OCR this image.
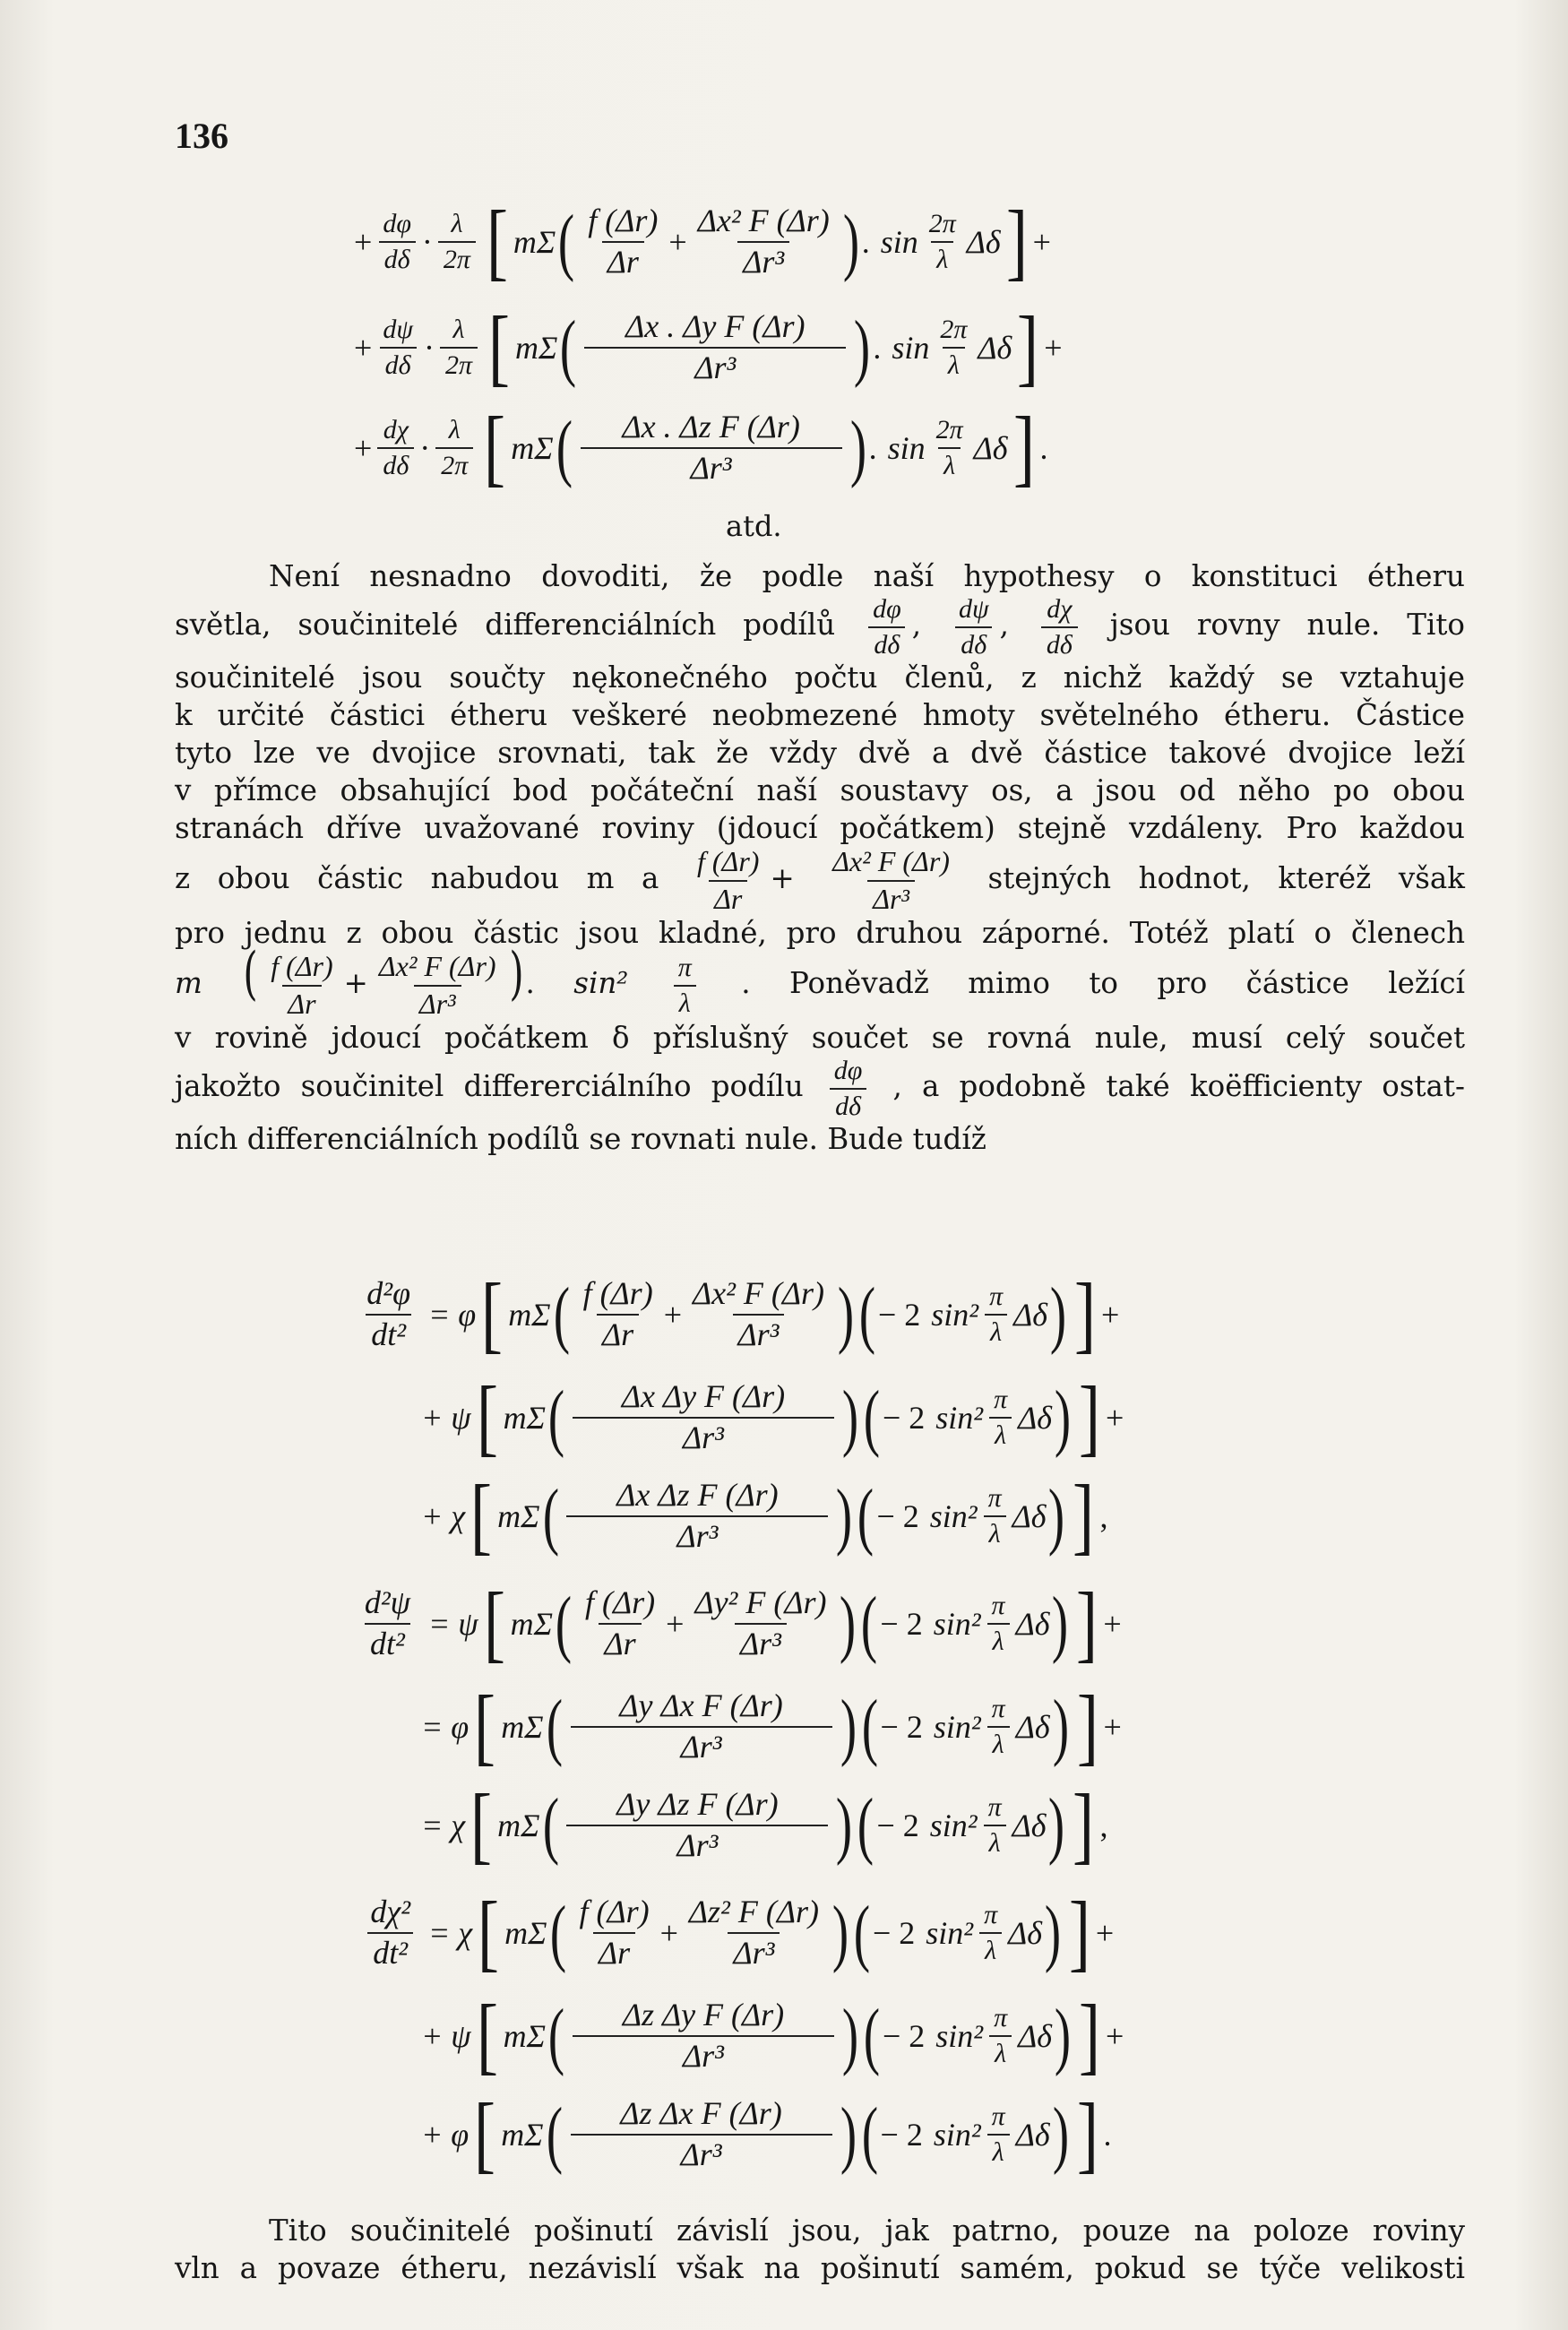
136
+ $\frac{d\varphi}{d\delta} \cdot \frac{\lambda}{2\pi}$ [ mΣ ( $\frac{f (\Delta r)}{\Delta r} + \frac{\text{Δx² F (Δr)}}{\text{Δr³}}$ ) . $\sin \frac{2\pi}{\lambda}$ Δδ ] +
+ $\frac{d\psi}{d\delta} \cdot \frac{\lambda}{2\pi}$ [ mΣ ( $\frac{\text{Δx . Δy F (Δr)}}{\text{Δr³}}$ ) . $\sin \frac{2\pi}{\lambda}$ Δδ ] +
+ $\frac{d\chi}{d\delta} \cdot \frac{\lambda}{2\pi}$ [ mΣ ( $\frac{\text{Δx . Δz F (Δr)}}{\text{Δr³}}$ ) . $\sin \frac{2\pi}{\lambda}$ Δδ ] .
atd.
Není nesnadno dovoditi, že podle naší hypothesy o konstituci étheru
světla, součinitelé differenciálních podílů $\frac{d\varphi}{d\delta}$ , $\frac{d\psi}{d\delta}$ , $\frac{d\chi}{d\delta}$ jsou rovny nule. Tito
součinitelé jsou součty nękonečného počtu členů, z nichž každý se vztahuje
k určité částici étheru veškeré neobmezené hmoty světelného étheru. Částice
tyto lze ve dvojice srovnati, tak že vždy dvě a dvě částice takové dvojice leží
v přímce obsahující bod počáteční naší soustavy os, a jsou od něho po obou
stranách dříve uvažované roviny (jdoucí počátkem) stejně vzdáleny. Pro každou
z obou částic nabudou m a $\frac{f (\Delta r)}{\Delta r} + \frac{\text{Δx² F (Δr)}}{\text{Δr³}}$ stejných hodnot, kteréž však
pro jednu z obou částic jsou kladné, pro druhou záporné. Totéž platí o členech
m ( $\frac{f (\Delta r)}{\Delta r} + \frac{\text{Δx² F (Δr)}}{\text{Δr³}}$ ). $\sin^2 \frac{\pi}{\lambda}$ . Poněvadž mimo to pro částice ležící
v rovině jdoucí počátkem δ příslušný součet se rovná nule, musí celý součet
jakožto součinitel differerciálního podílu $\frac{d\varphi}{d\delta}$ , a podobně také koëfficienty ostat-
ních differenciálních podílů se rovnati nule. Bude tudíž
$\frac{\text{d²φ}}{\text{dt²}} = \varphi$ [ mΣ ( $\frac{f (\Delta r)}{\Delta r} + \frac{\text{Δx² F (Δr)}}{\text{Δr³}}$ ) ( − 2 $\sin^2 \frac{\pi}{\lambda}$ Δδ ) ] +
+ ψ [ mΣ ( $\frac{\text{Δx Δy F (Δr)}}{\text{Δr³}}$ ) ( − 2 $\sin^2 \frac{\pi}{\lambda}$ Δδ ) ] +
+ χ [ mΣ ( $\frac{\text{Δx Δz F (Δr)}}{\text{Δr³}}$ ) ( − 2 $\sin^2 \frac{\pi}{\lambda}$ Δδ ) ] ,
$\frac{\text{d²ψ}}{\text{dt²}} = \psi$ [ mΣ ( $\frac{f (\Delta r)}{\Delta r} + \frac{\text{Δy² F (Δr)}}{\text{Δr³}}$ ) ( − 2 $\sin^2 \frac{\pi}{\lambda}$ Δδ ) ] +
= φ [ mΣ ( $\frac{\text{Δy Δx F (Δr)}}{\text{Δr³}}$ ) ( − 2 $\sin^2 \frac{\pi}{\lambda}$ Δδ ) ] +
= χ [ mΣ ( $\frac{\text{Δy Δz F (Δr)}}{\text{Δr³}}$ ) ( − 2 $\sin^2 \frac{\pi}{\lambda}$ Δδ ) ] ,
$\frac{\text{dχ²}}{\text{dt²}} = \chi$ [ mΣ ( $\frac{f (\Delta r)}{\Delta r} + \frac{\text{Δz² F (Δr)}}{\text{Δr³}}$ ) ( − 2 $\sin^2 \frac{\pi}{\lambda}$ Δδ ) ] +
+ ψ [ mΣ ( $\frac{\text{Δz Δy F (Δr)}}{\text{Δr³}}$ ) ( − 2 $\sin^2 \frac{\pi}{\lambda}$ Δδ ) ] +
+ φ [ mΣ ( $\frac{\text{Δz Δx F (Δr)}}{\text{Δr³}}$ ) ( − 2 $\sin^2 \frac{\pi}{\lambda}$ Δδ ) ] .
Tito součinitelé pošinutí závislí jsou, jak patrno, pouze na poloze roviny
vln a povaze étheru, nezávislí však na pošinutí samém, pokud se týče velikosti
